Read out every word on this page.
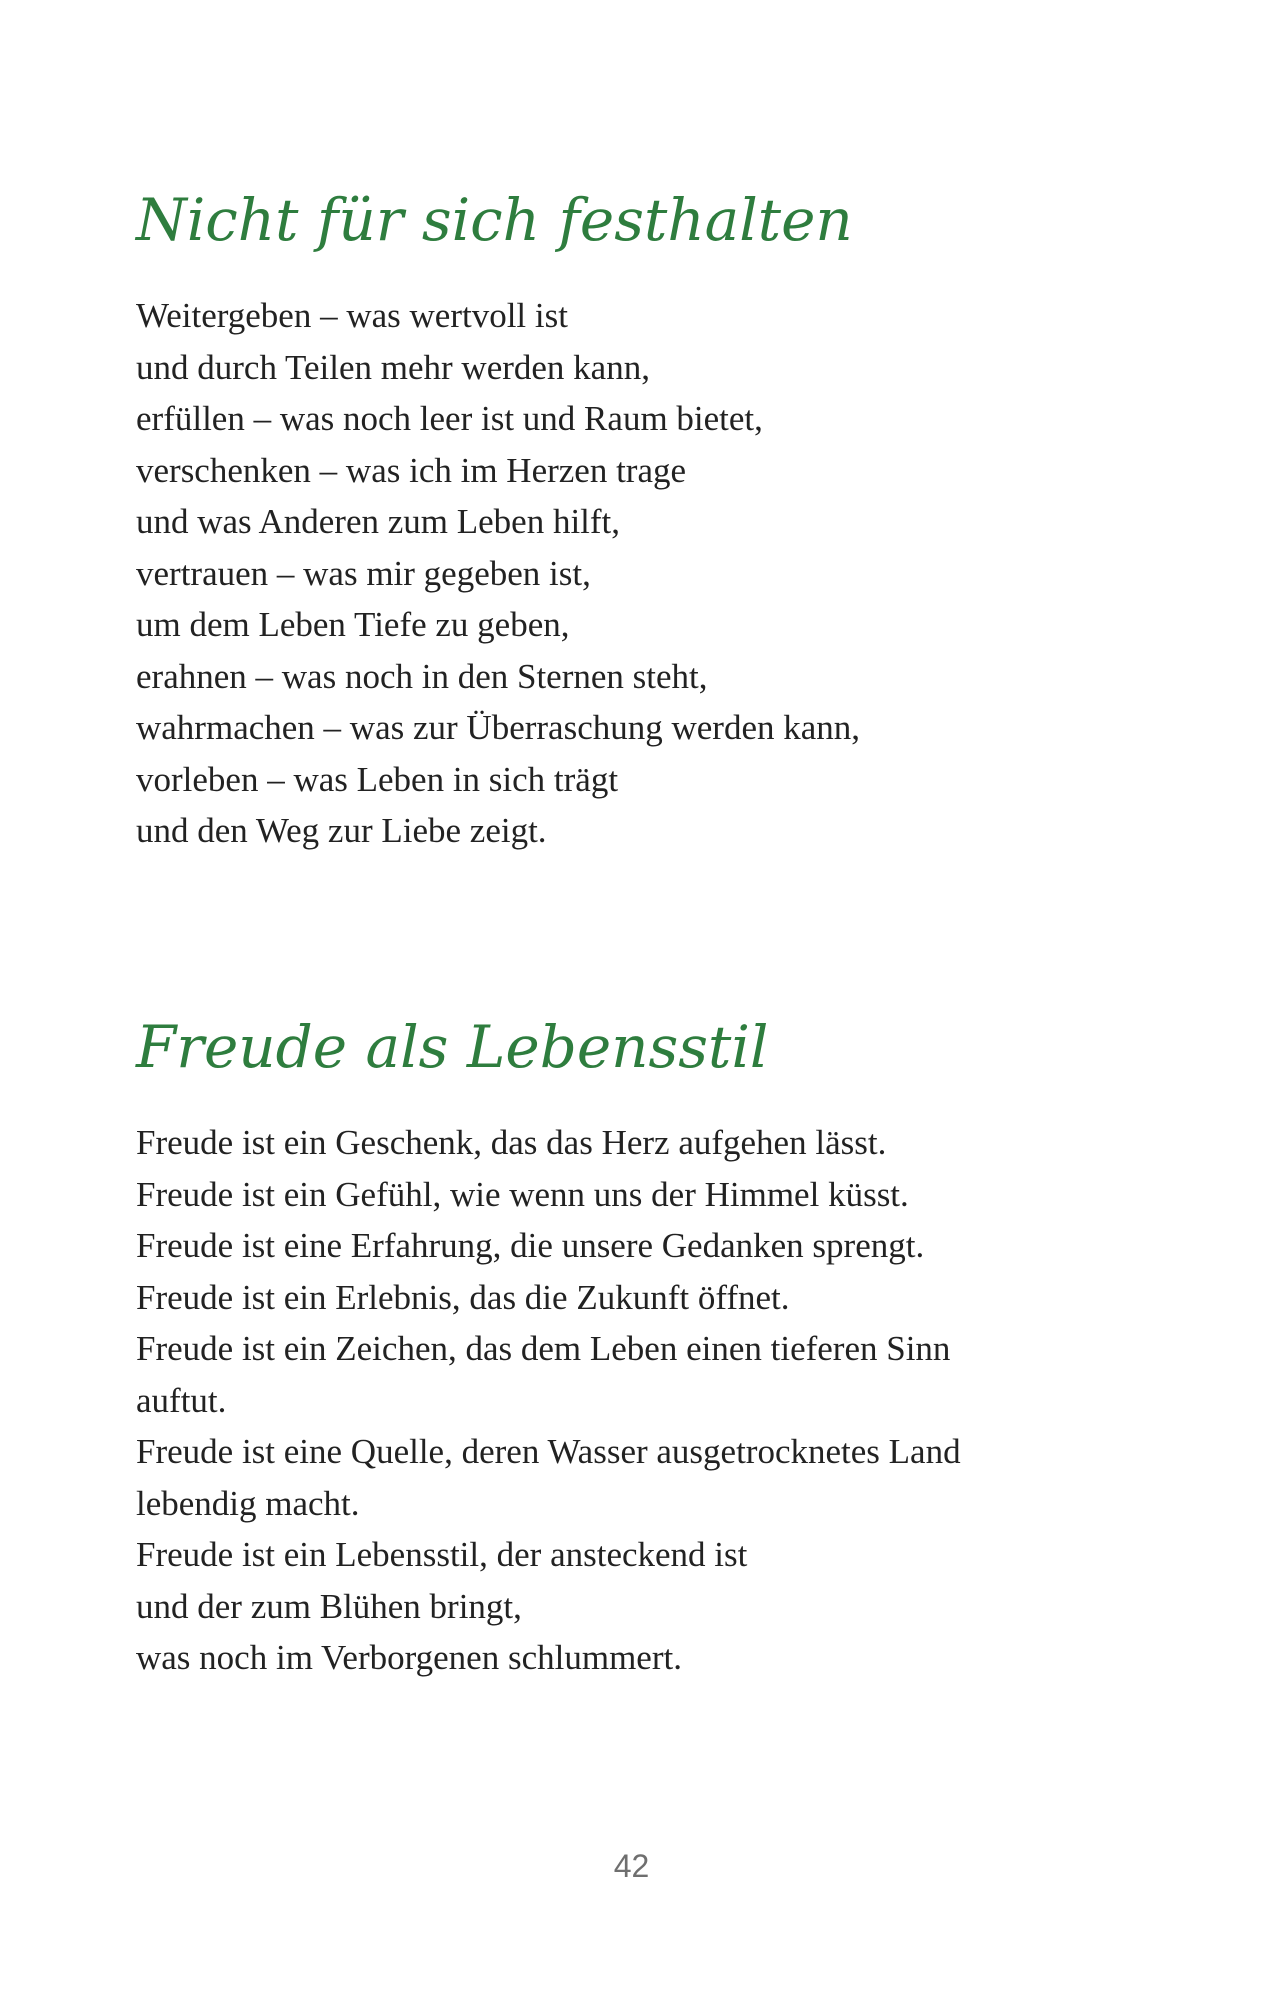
Nicht für sich festhalten
Weitergeben – was wertvoll ist
und durch Teilen mehr werden kann,
erfüllen – was noch leer ist und Raum bietet,
verschenken – was ich im Herzen trage
und was Anderen zum Leben hilft,
vertrauen – was mir gegeben ist,
um dem Leben Tiefe zu geben,
erahnen – was noch in den Sternen steht,
wahrmachen – was zur Überraschung werden kann,
vorleben – was Leben in sich trägt
und den Weg zur Liebe zeigt.
Freude als Lebensstil
Freude ist ein Geschenk, das das Herz aufgehen lässt.
Freude ist ein Gefühl, wie wenn uns der Himmel küsst.
Freude ist eine Erfahrung, die unsere Gedanken sprengt.
Freude ist ein Erlebnis, das die Zukunft öffnet.
Freude ist ein Zeichen, das dem Leben einen tieferen Sinn
auftut.
Freude ist eine Quelle, deren Wasser ausgetrocknetes Land
lebendig macht.
Freude ist ein Lebensstil, der ansteckend ist
und der zum Blühen bringt,
was noch im Verborgenen schlummert.
42
